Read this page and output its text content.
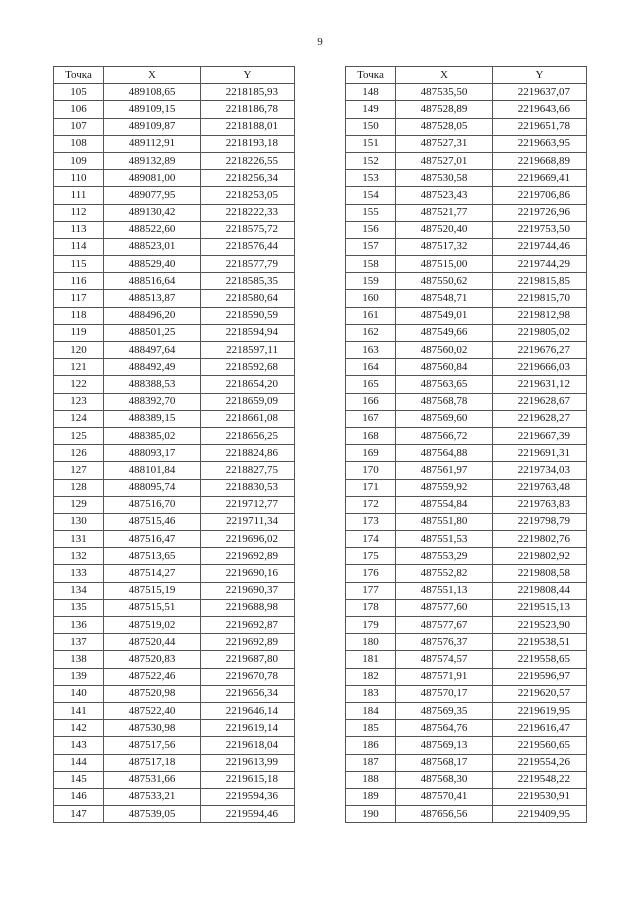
9
Точка	X	Y
105	489108,65	2218185,93
106	489109,15	2218186,78
107	489109,87	2218188,01
108	489112,91	2218193,18
109	489132,89	2218226,55
110	489081,00	2218256,34
111	489077,95	2218253,05
112	489130,42	2218222,33
113	488522,60	2218575,72
114	488523,01	2218576,44
115	488529,40	2218577,79
116	488516,64	2218585,35
117	488513,87	2218580,64
118	488496,20	2218590,59
119	488501,25	2218594,94
120	488497,64	2218597,11
121	488492,49	2218592,68
122	488388,53	2218654,20
123	488392,70	2218659,09
124	488389,15	2218661,08
125	488385,02	2218656,25
126	488093,17	2218824,86
127	488101,84	2218827,75
128	488095,74	2218830,53
129	487516,70	2219712,77
130	487515,46	2219711,34
131	487516,47	2219696,02
132	487513,65	2219692,89
133	487514,27	2219690,16
134	487515,19	2219690,37
135	487515,51	2219688,98
136	487519,02	2219692,87
137	487520,44	2219692,89
138	487520,83	2219687,80
139	487522,46	2219670,78
140	487520,98	2219656,34
141	487522,40	2219646,14
142	487530,98	2219619,14
143	487517,56	2219618,04
144	487517,18	2219613,99
145	487531,66	2219615,18
146	487533,21	2219594,36
147	487539,05	2219594,46
Точка	X	Y
148	487535,50	2219637,07
149	487528,89	2219643,66
150	487528,05	2219651,78
151	487527,31	2219663,95
152	487527,01	2219668,89
153	487530,58	2219669,41
154	487523,43	2219706,86
155	487521,77	2219726,96
156	487520,40	2219753,50
157	487517,32	2219744,46
158	487515,00	2219744,29
159	487550,62	2219815,85
160	487548,71	2219815,70
161	487549,01	2219812,98
162	487549,66	2219805,02
163	487560,02	2219676,27
164	487560,84	2219666,03
165	487563,65	2219631,12
166	487568,78	2219628,67
167	487569,60	2219628,27
168	487566,72	2219667,39
169	487564,88	2219691,31
170	487561,97	2219734,03
171	487559,92	2219763,48
172	487554,84	2219763,83
173	487551,80	2219798,79
174	487551,53	2219802,76
175	487553,29	2219802,92
176	487552,82	2219808,58
177	487551,13	2219808,44
178	487577,60	2219515,13
179	487577,67	2219523,90
180	487576,37	2219538,51
181	487574,57	2219558,65
182	487571,91	2219596,97
183	487570,17	2219620,57
184	487569,35	2219619,95
185	487564,76	2219616,47
186	487569,13	2219560,65
187	487568,17	2219554,26
188	487568,30	2219548,22
189	487570,41	2219530,91
190	487656,56	2219409,95
